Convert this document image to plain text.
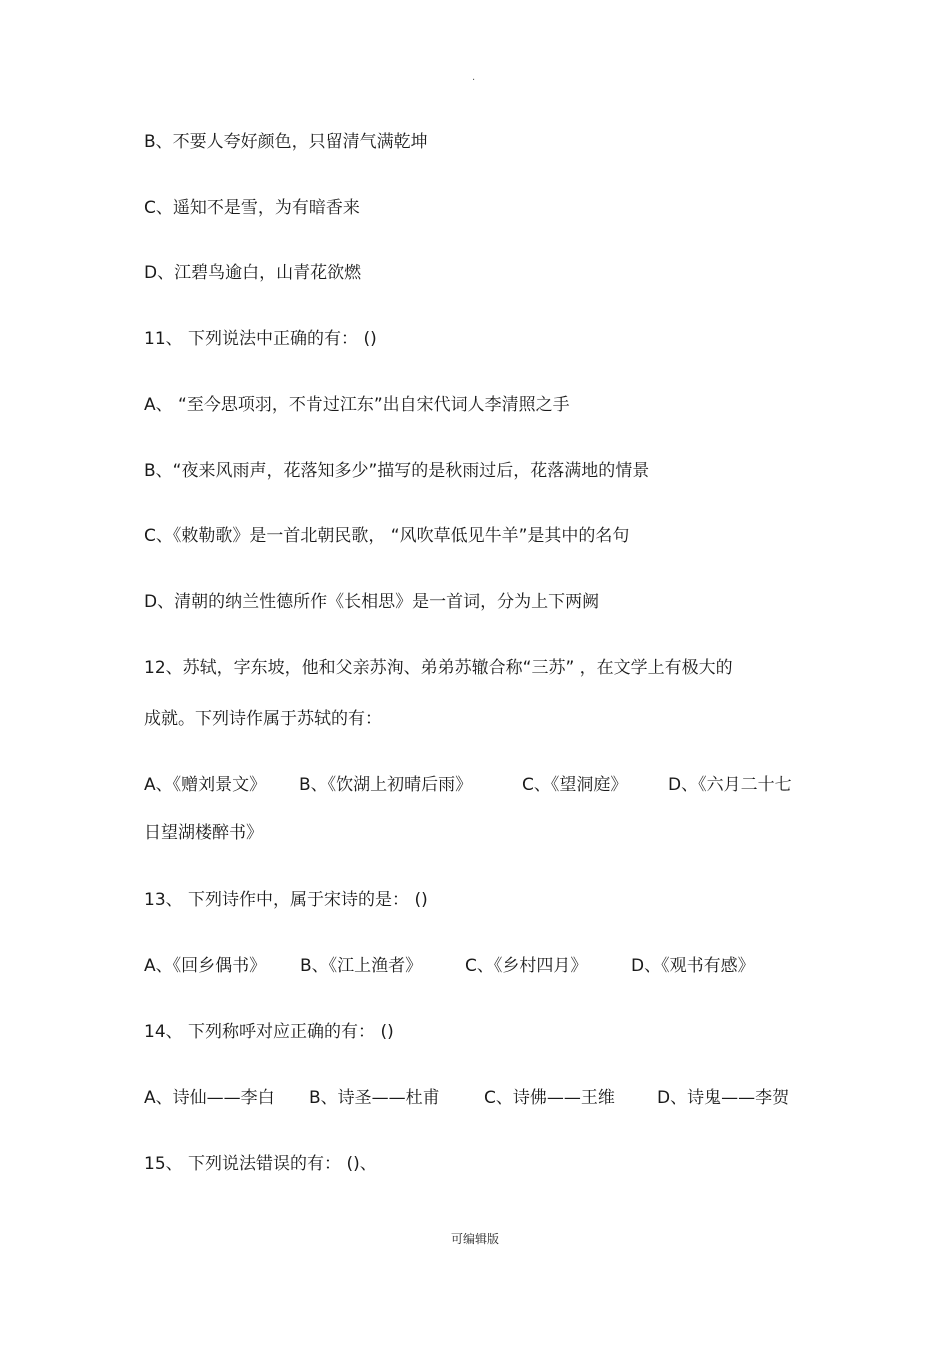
.
B、不要人夸好颜色，只留清气满乾坤
C、遥知不是雪，为有暗香来
D、江碧鸟逾白，山青花欲燃
11、 下列说法中正确的有： ()
A、 “至今思项羽，不肯过江东”出自宋代词人李清照之手
B、“夜来风雨声，花落知多少”描写的是秋雨过后，花落满地的情景
C、《敕勒歌》是一首北朝民歌， “风吹草低见牛羊”是其中的名句
D、清朝的纳兰性德所作《长相思》是一首词，分为上下两阙
12、苏轼，字东坡，他和父亲苏洵、弟弟苏辙合称“三苏” ，在文学上有极大的
成就。下列诗作属于苏轼的有：
A、《赠刘景文》 B、《饮湖上初晴后雨》	C、《望洞庭》 D、《六月二十七
日望湖楼醉书》
13、 下列诗作中，属于宋诗的是： ()
A、《回乡偶书》 B、《江上渔者》	C、《乡村四月》	D、《观书有感》
14、 下列称呼对应正确的有： ()
A、诗仙——李白 B、诗圣——杜甫	C、诗佛——王维 D、诗鬼——李贺
15、 下列说法错误的有： ()、
可编辑版
